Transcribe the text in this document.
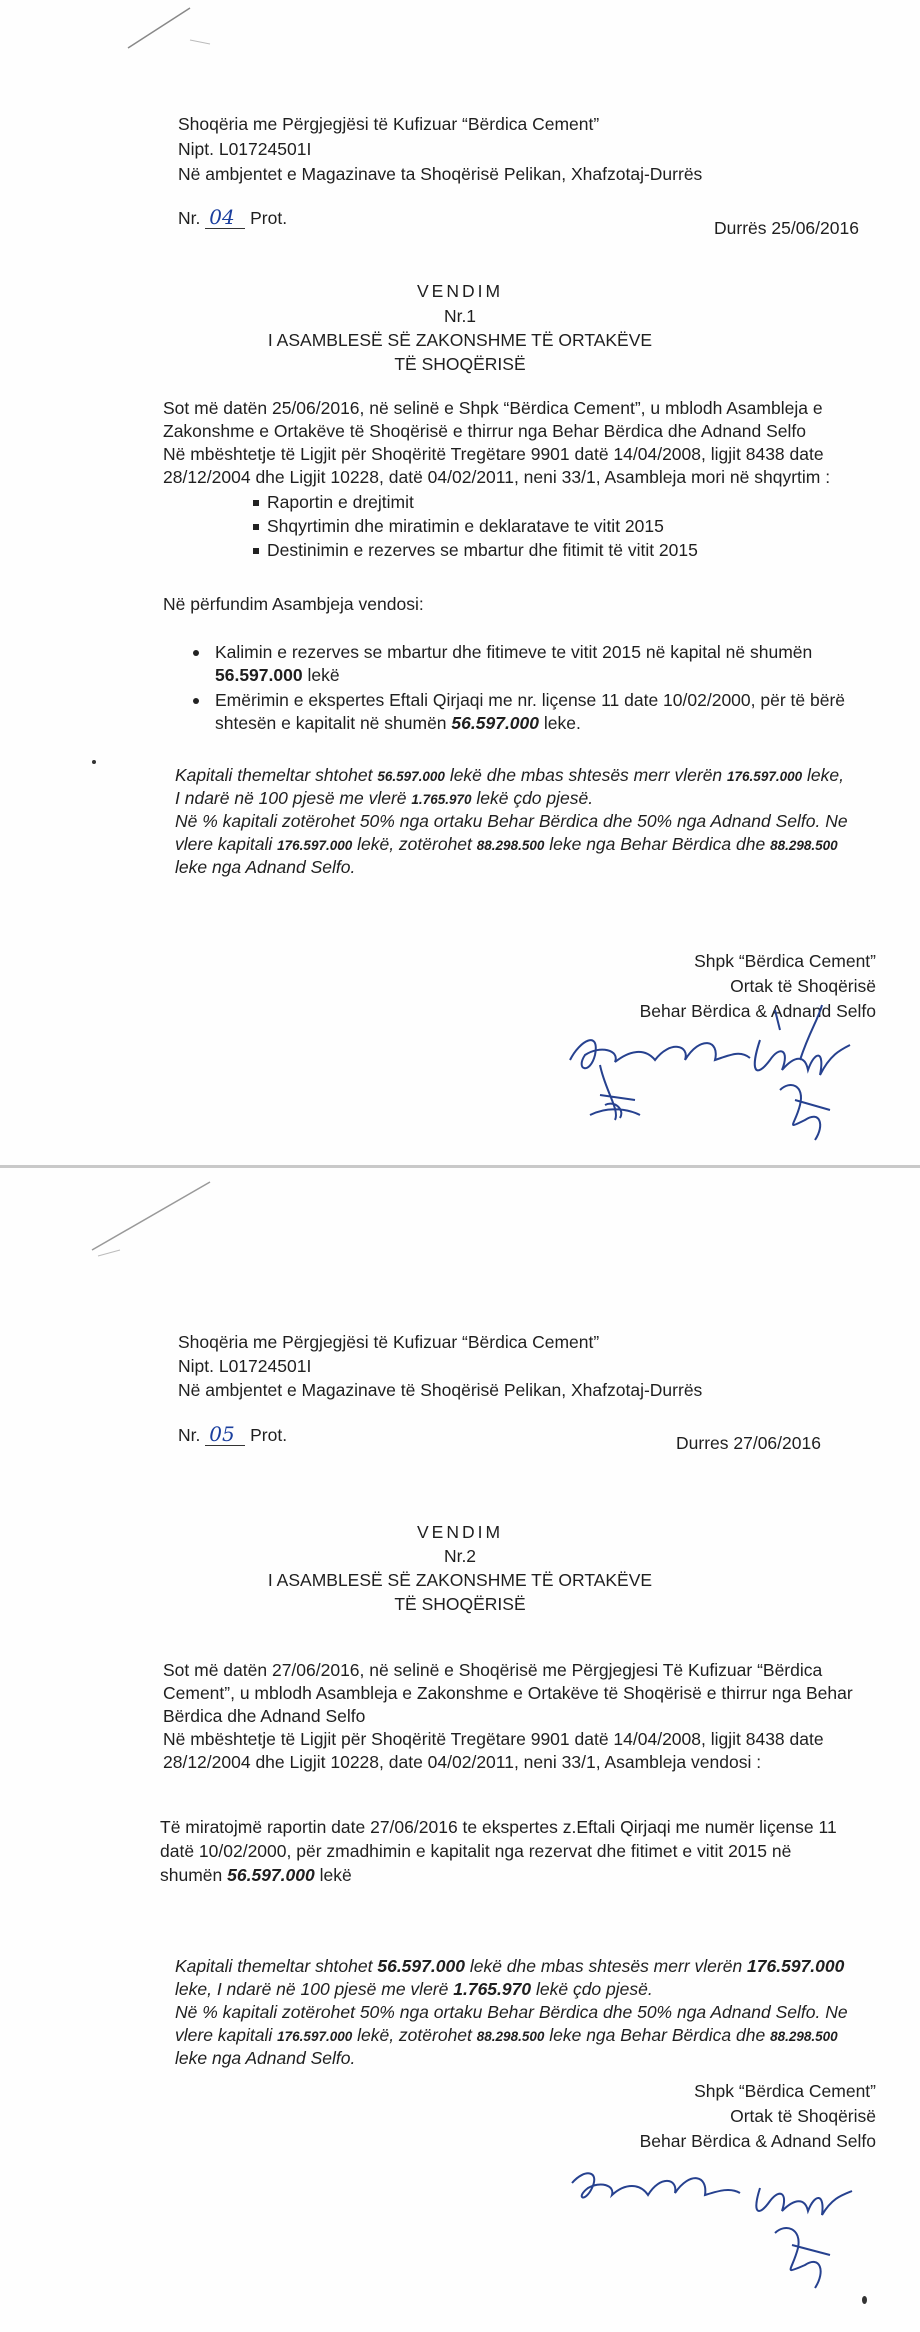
Shoqëria me Përgjegjësi të Kufizuar “Bërdica Cement”
Nipt. L01724501I
Në ambjentet e Magazinave ta Shoqërisë Pelikan, Xhafzotaj-Durrës
Nr. 04 Prot.	Durrës 25/06/2016
VENDIM
Nr.1
I ASAMBLESË SË ZAKONSHME TË ORTAKËVE
TË SHOQËRISË
Sot më datën 25/06/2016, në selinë e Shpk “Bërdica Cement”, u mblodh Asambleja e
Zakonshme e Ortakëve të Shoqërisë e thirrur nga Behar Bërdica dhe Adnand Selfo
Në mbështetje të Ligjit për Shoqëritë Tregëtare 9901 datë 14/04/2008, ligjit 8438 date
28/12/2004 dhe Ligjit 10228, datë 04/02/2011, neni 33/1, Asambleja mori në shqyrtim :
Raportin e drejtimit
Shqyrtimin dhe miratimin e deklaratave te vitit 2015
Destinimin e rezerves se mbartur dhe fitimit të vitit 2015
Në përfundim Asambjeja vendosi:
Kalimin e rezerves se mbartur dhe fitimeve te vitit 2015 në kapital në shumën
56.597.000 lekë
Emërimin e ekspertes Eftali Qirjaqi me nr. liçense 11 date 10/02/2000, për të bërë
shtesën e kapitalit në shumën 56.597.000 leke.
Kapitali themeltar shtohet 56.597.000 lekë dhe mbas shtesës merr vlerën 176.597.000 leke,
I ndarë në 100 pjesë me vlerë 1.765.970 lekë çdo pjesë.
Në % kapitali zotërohet 50% nga ortaku Behar Bërdica dhe 50% nga Adnand Selfo. Ne
vlere kapitali 176.597.000 lekë, zotërohet 88.298.500 leke nga Behar Bërdica dhe 88.298.500
leke nga Adnand Selfo.
Shpk “Bërdica Cement”
Ortak të Shoqërisë
Behar Bërdica & Adnand Selfo
Shoqëria me Përgjegjësi të Kufizuar “Bërdica Cement”
Nipt. L01724501I
Në ambjentet e Magazinave të Shoqërisë Pelikan, Xhafzotaj-Durrës
Nr. 05 Prot.	Durres 27/06/2016
VENDIM
Nr.2
I ASAMBLESË SË ZAKONSHME TË ORTAKËVE
TË SHOQËRISË
Sot më datën 27/06/2016, në selinë e Shoqërisë me Përgjegjesi Të Kufizuar “Bërdica
Cement”, u mblodh Asambleja e Zakonshme e Ortakëve të Shoqërisë e thirrur nga Behar
Bërdica dhe Adnand Selfo
Në mbështetje të Ligjit për Shoqëritë Tregëtare 9901 datë 14/04/2008, ligjit 8438 date
28/12/2004 dhe Ligjit 10228, date 04/02/2011, neni 33/1, Asambleja vendosi :
Të miratojmë raportin date 27/06/2016 te ekspertes z.Eftali Qirjaqi me numër liçense 11
datë 10/02/2000, për zmadhimin e kapitalit nga rezervat dhe fitimet e vitit 2015 në
shumën 56.597.000 lekë
Kapitali themeltar shtohet 56.597.000 lekë dhe mbas shtesës merr vlerën 176.597.000
leke, I ndarë në 100 pjesë me vlerë 1.765.970 lekë çdo pjesë.
Në % kapitali zotërohet 50% nga ortaku Behar Bërdica dhe 50% nga Adnand Selfo. Ne
vlere kapitali 176.597.000 lekë, zotërohet 88.298.500 leke nga Behar Bërdica dhe 88.298.500
leke nga Adnand Selfo.
Shpk “Bërdica Cement”
Ortak të Shoqërisë
Behar Bërdica & Adnand Selfo
